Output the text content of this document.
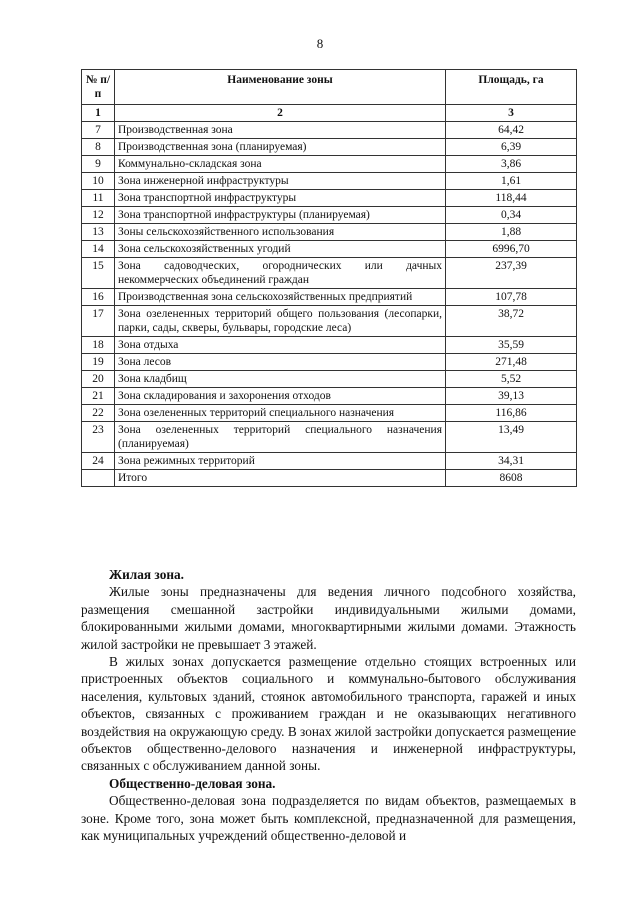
8
№ п/п	Наименование зоны	Площадь, га
1	2	3
7	Производственная зона	64,42
8	Производственная зона (планируемая)	6,39
9	Коммунально-складская зона	3,86
10	Зона инженерной инфраструктуры	1,61
11	Зона транспортной инфраструктуры	118,44
12	Зона транспортной инфраструктуры (планируемая)	0,34
13	Зоны сельскохозяйственного использования	1,88
14	Зона сельскохозяйственных угодий	6996,70
15	Зона садоводческих, огороднических или дачных некоммерческих объединений граждан	237,39
16	Производственная зона сельскохозяйственных предприятий	107,78
17	Зона озелененных территорий общего пользования (лесопарки, парки, сады, скверы, бульвары, городские леса)	38,72
18	Зона отдыха	35,59
19	Зона лесов	271,48
20	Зона кладбищ	5,52
21	Зона складирования и захоронения отходов	39,13
22	Зона озелененных территорий специального назначения	116,86
23	Зона озелененных территорий специального назначения (планируемая)	13,49
24	Зона режимных территорий	34,31
	Итого	8608
Жилая зона.

Жилые зоны предназначены для ведения личного подсобного хозяйства, размещения смешанной застройки индивидуальными жилыми домами, блокированными жилыми домами, многоквартирными жилыми домами. Этажность жилой застройки не превышает 3 этажей.

В жилых зонах допускается размещение отдельно стоящих встроенных или пристроенных объектов социального и коммунально-бытового обслуживания населения, культовых зданий, стоянок автомобильного транспорта, гаражей и иных объектов, связанных с проживанием граждан и не оказывающих негативного воздействия на окружающую среду. В зонах жилой застройки допускается размещение объектов общественно-делового назначения и инженерной инфраструктуры, связанных с обслуживанием данной зоны.

Общественно-деловая зона.

Общественно-деловая зона подразделяется по видам объектов, размещаемых в зоне. Кроме того, зона может быть комплексной, предназначенной для размещения, как муниципальных учреждений общественно-деловой и
